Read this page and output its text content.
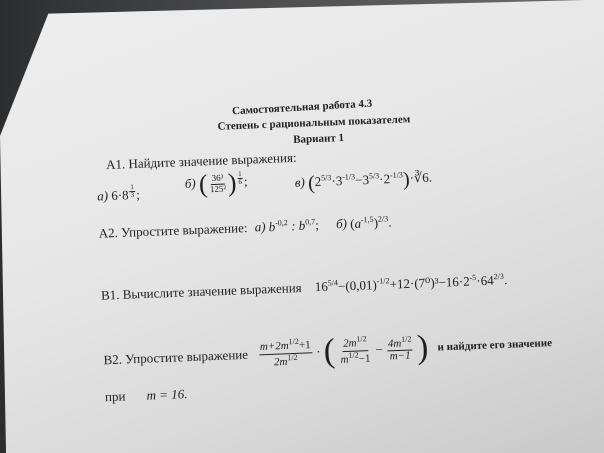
Самостоятельная работа 4.3
Степень с рациональным показателем
Вариант 1
А1. Найдите значение выражения:
а) 6·8 $^{\frac{1}{3}}$ ;
б) ( $\frac{\text{36³}}{\text{125²}}$ ) $^{\frac{1}{6}}$ ;	в) $(2^{5/3}\cdot 3^{-1/3}-3^{5/3}\cdot 2^{-1/3})\cdot∛6$.
А2. Упростите выражение: а) $b^{-0,2}$ : $b^{0,7}$; б) $(a^{-1,5})^{2/3}$.
В1. Вычислите значение выражения $16^{5/4}-(0,01)^{-1/2}+12\cdot(7^0)^3-16\cdot 2^{-5}\cdot 64^{2/3}$.
В2. Упростите выражение $\frac{m+2m^{1/2}+1}{2m^{1/2}}$ · ( $\frac{2m^{1/2}}{m^{1/2}-1} - \frac{4m^{1/2}}{m-1}$ ) и найдите его значение
при m = 16.
